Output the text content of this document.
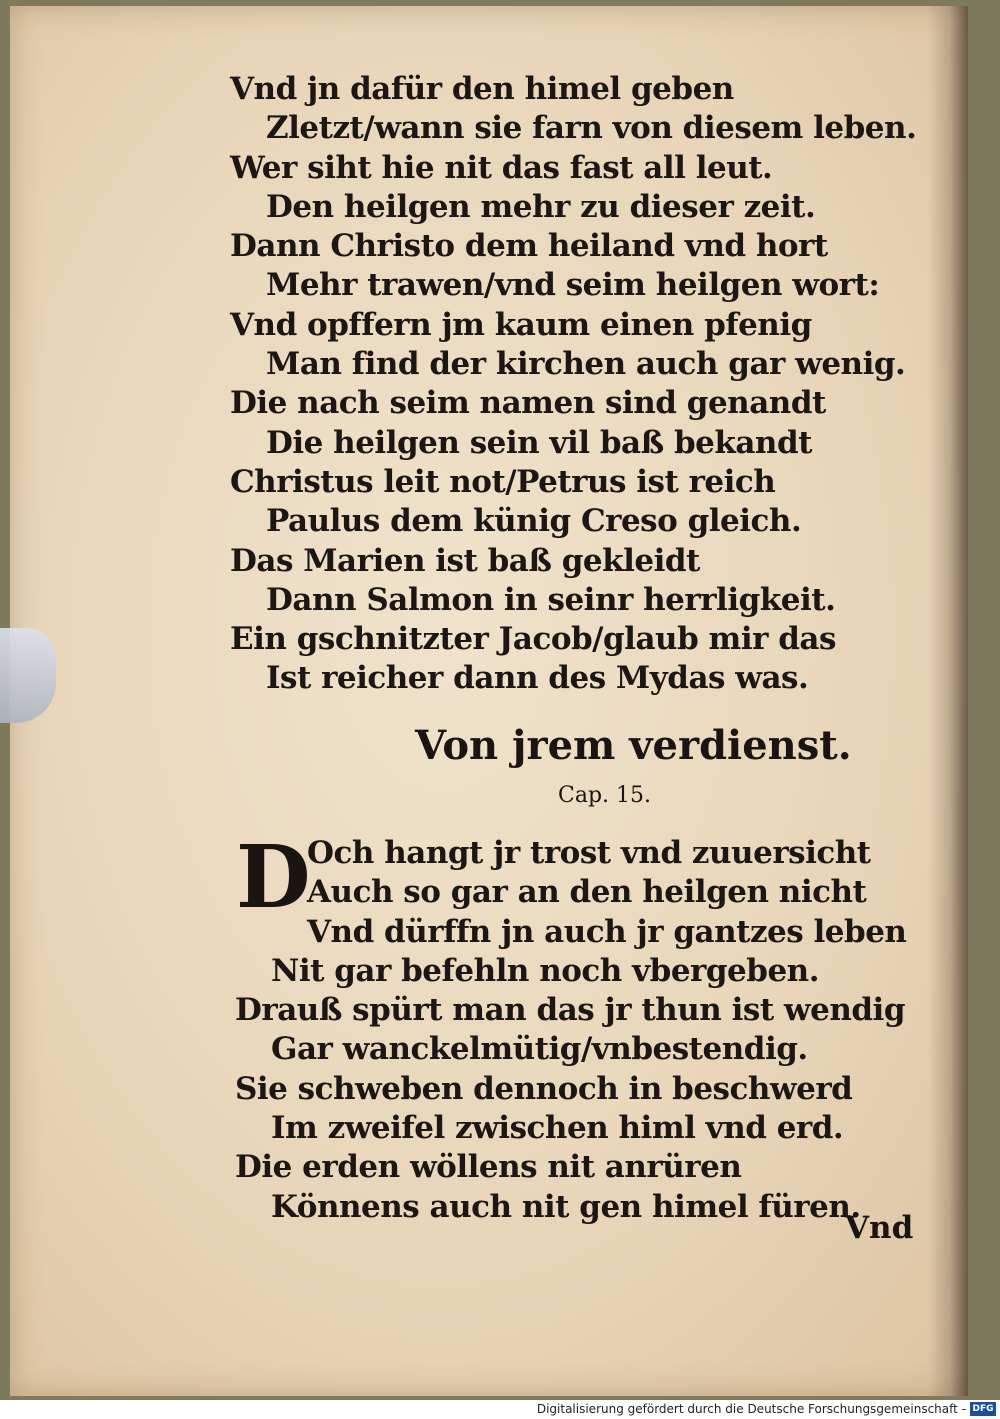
Vnd jn dafür den himel geben
Zletzt/wann sie farn von diesem leben.
Wer siht hie nit das fast all leut.
Den heilgen mehr zu dieser zeit.
Dann Christo dem heiland vnd hort
Mehr trawen/vnd seim heilgen wort:
Vnd opffern jm kaum einen pfenig
Man find der kirchen auch gar wenig.
Die nach seim namen sind genandt
Die heilgen sein vil baß bekandt
Christus leit not/Petrus ist reich
Paulus dem künig Creso gleich.
Das Marien ist baß gekleidt
Dann Salmon in seinr herrligkeit.
Ein gschnitzter Jacob/glaub mir das
Ist reicher dann des Mydas was.
Von jrem verdienst.
Cap. 15.
D
Och hangt jr trost vnd zuuersicht
Auch so gar an den heilgen nicht
Vnd dürffn jn auch jr gantzes leben
Nit gar befehln noch vbergeben.
Drauß spürt man das jr thun ist wendig
Gar wanckelmütig/vnbestendig.
Sie schweben dennoch in beschwerd
Im zweifel zwischen himl vnd erd.
Die erden wöllens nit anrüren
Könnens auch nit gen himel füren.
Vnd
Digitalisierung gefördert durch die Deutsche Forschungsgemeinschaft - DFG
